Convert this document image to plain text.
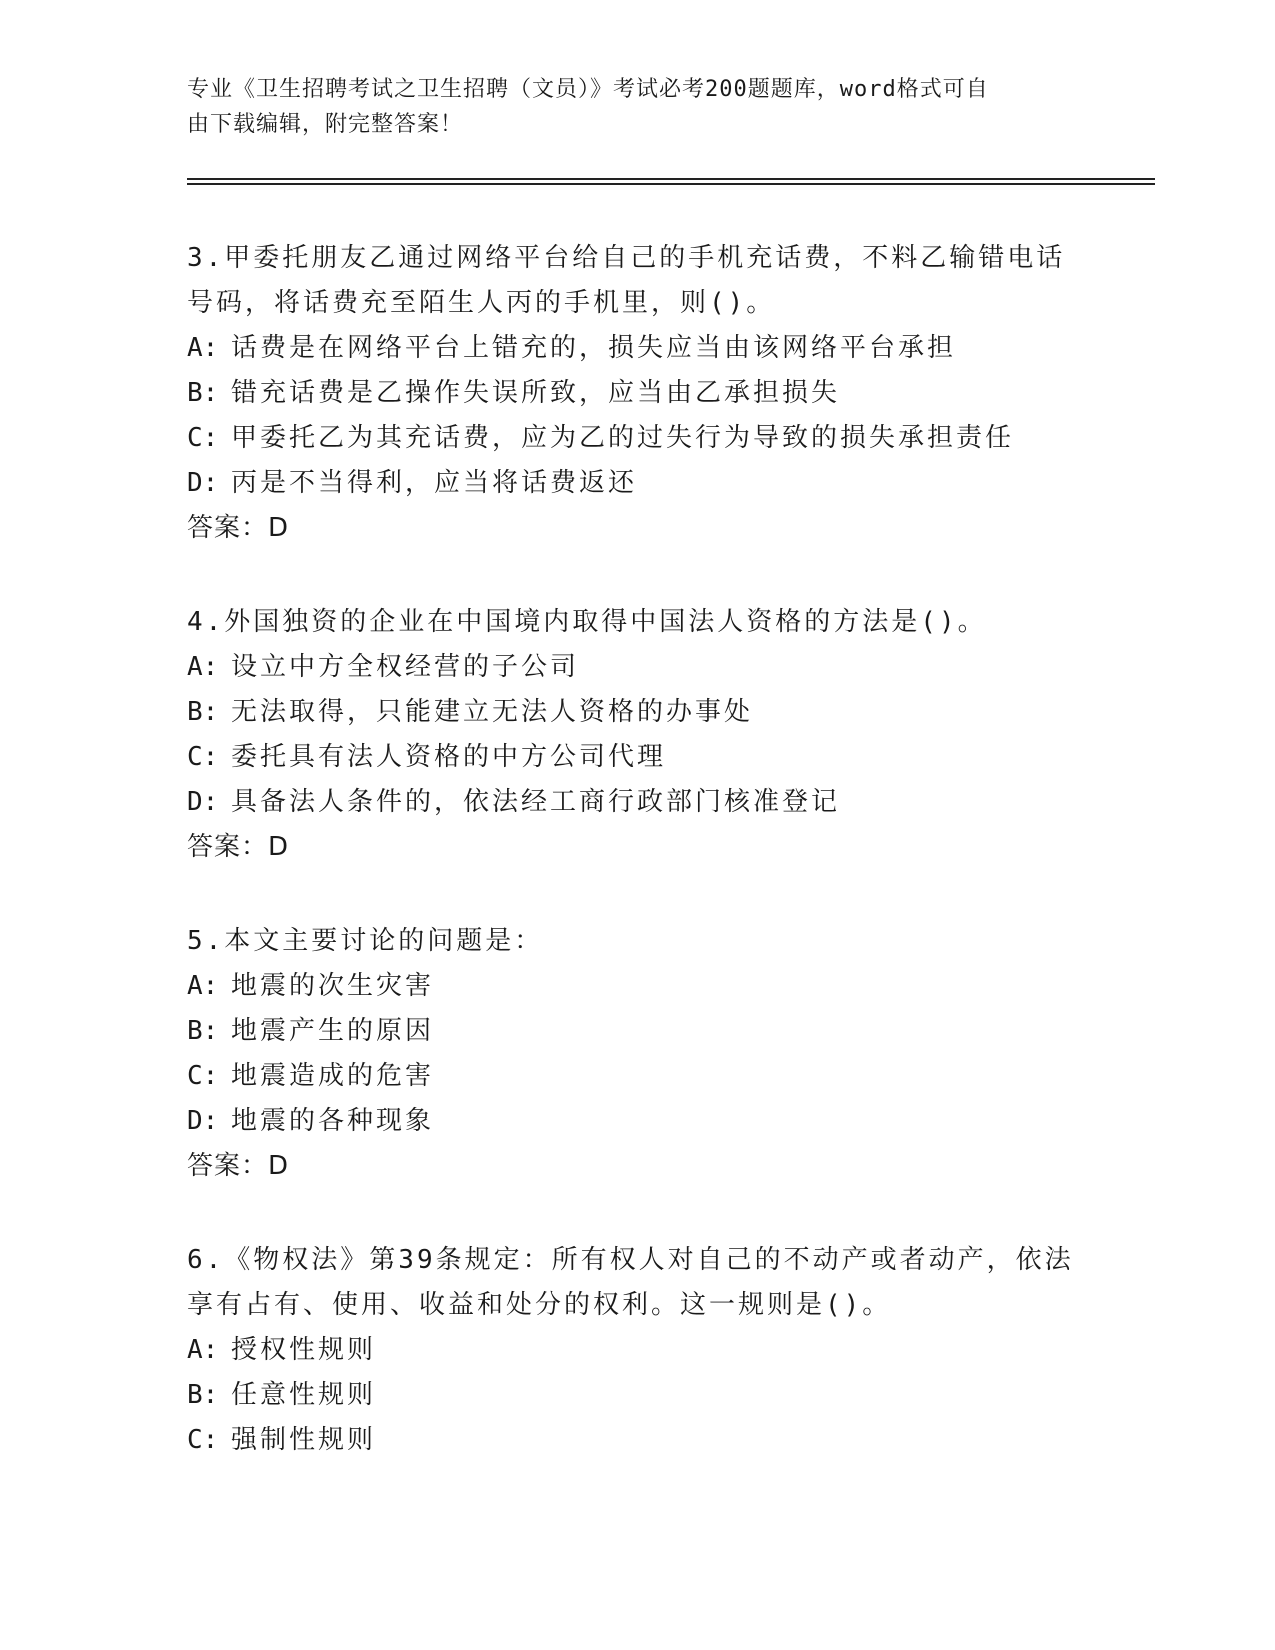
专业《卫生招聘考试之卫生招聘（文员）》考试必考200题题库，word格式可自
由下载编辑，附完整答案！
3.甲委托朋友乙通过网络平台给自己的手机充话费，不料乙输错电话
号码，将话费充至陌生人丙的手机里，则()。
A: 话费是在网络平台上错充的，损失应当由该网络平台承担
B: 错充话费是乙操作失误所致，应当由乙承担损失
C: 甲委托乙为其充话费，应为乙的过失行为导致的损失承担责任
D: 丙是不当得利，应当将话费返还
答案：D
4.外国独资的企业在中国境内取得中国法人资格的方法是()。
A: 设立中方全权经营的子公司
B: 无法取得，只能建立无法人资格的办事处
C: 委托具有法人资格的中方公司代理
D: 具备法人条件的，依法经工商行政部门核准登记
答案：D
5.本文主要讨论的问题是：
A: 地震的次生灾害
B: 地震产生的原因
C: 地震造成的危害
D: 地震的各种现象
答案：D
6.《物权法》第39条规定：所有权人对自己的不动产或者动产，依法
享有占有、使用、收益和处分的权利。这一规则是()。
A: 授权性规则
B: 任意性规则
C: 强制性规则
